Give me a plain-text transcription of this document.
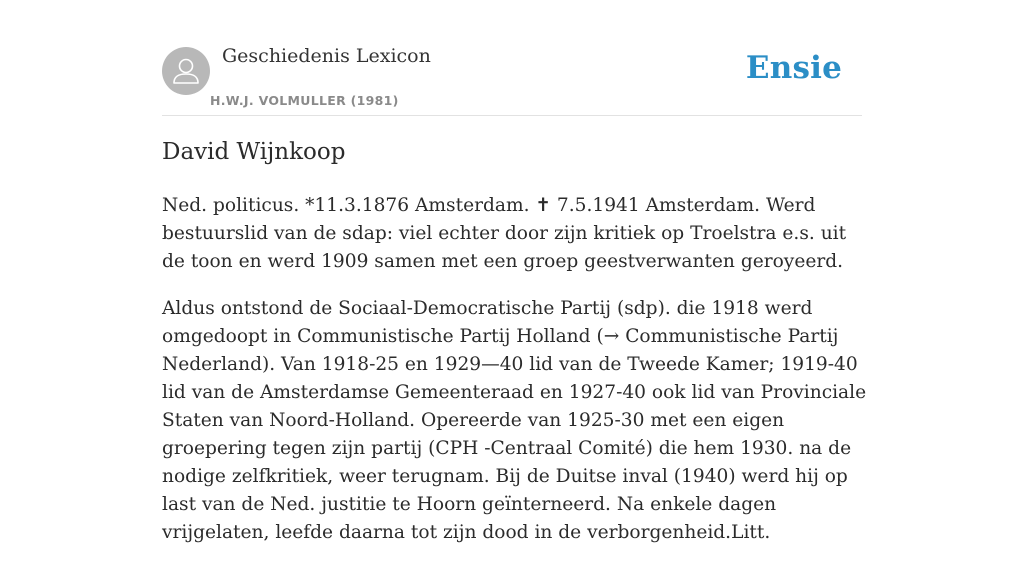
Geschiedenis Lexicon
H.W.J. VOLMULLER (1981)
Ensie
David Wijnkoop

Ned. politicus. *11.3.1876 Amsterdam. ✝ 7.5.1941 Amsterdam. Werd bestuurslid van de sdap: viel echter door zijn kritiek op Troelstra e.s. uit de toon en werd 1909 samen met een groep geestverwanten geroyeerd.

Aldus ontstond de Sociaal-Democratische Partij (sdp). die 1918 werd omgedoopt in Communistische Partij Holland (→ Communistische Partij Nederland). Van 1918-25 en 1929—40 lid van de Tweede Kamer; 1919-40 lid van de Amsterdamse Gemeenteraad en 1927-40 ook lid van Provinciale Staten van Noord-Holland. Opereerde van 1925-30 met een eigen groepering tegen zijn partij (CPH -Centraal Comité) die hem 1930. na de nodige zelfkritiek, weer terugnam. Bij de Duitse inval (1940) werd hij op last van de Ned. justitie te Hoorn geïnterneerd. Na enkele dagen vrijgelaten, leefde daarna tot zijn dood in de verborgenheid.Litt.
